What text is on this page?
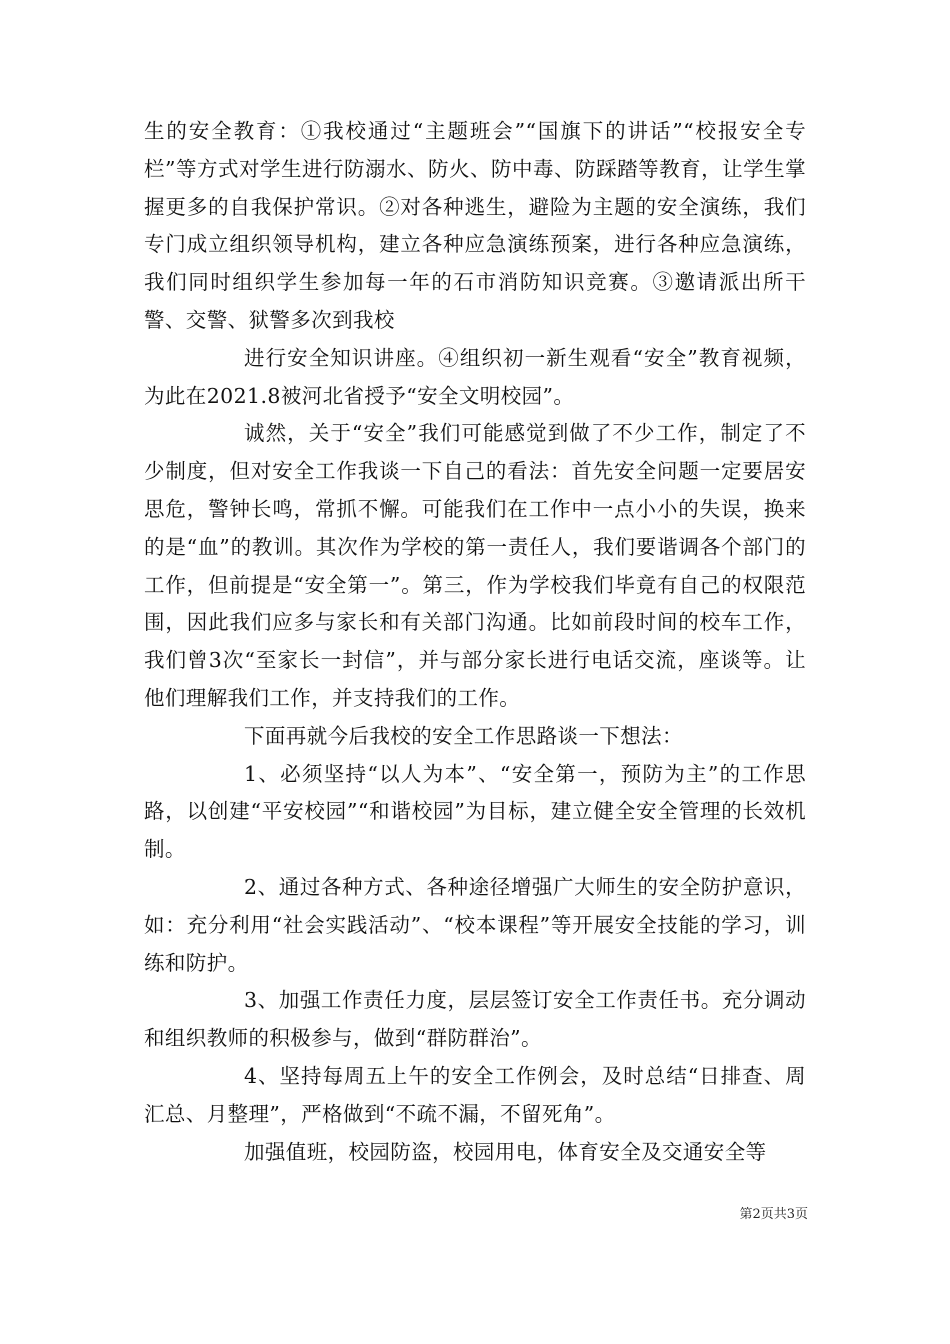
生的安全教育：①我校通过“主题班会”“国旗下的讲话”“校报安全专栏”等方式对学生进行防溺水、防火、防中毒、防踩踏等教育，让学生掌握更多的自我保护常识。②对各种逃生，避险为主题的安全演练，我们专门成立组织领导机构，建立各种应急演练预案，进行各种应急演练，我们同时组织学生参加每一年的石市消防知识竞赛。③邀请派出所干警、交警、狱警多次到我校

进行安全知识讲座。④组织初一新生观看“安全”教育视频，为此在2021.8被河北省授予“安全文明校园”。

诚然，关于“安全”我们可能感觉到做了不少工作，制定了不少制度，但对安全工作我谈一下自己的看法：首先安全问题一定要居安思危，警钟长鸣，常抓不懈。可能我们在工作中一点小小的失误，换来的是“血”的教训。其次作为学校的第一责任人，我们要谐调各个部门的工作，但前提是“安全第一”。第三，作为学校我们毕竟有自己的权限范围，因此我们应多与家长和有关部门沟通。比如前段时间的校车工作，我们曾3次“至家长一封信”，并与部分家长进行电话交流，座谈等。让他们理解我们工作，并支持我们的工作。

下面再就今后我校的安全工作思路谈一下想法：

1、必须坚持“以人为本”、“安全第一，预防为主”的工作思路，以创建“平安校园”“和谐校园”为目标，建立健全安全管理的长效机制。

2、通过各种方式、各种途径增强广大师生的安全防护意识，如：充分利用“社会实践活动”、“校本课程”等开展安全技能的学习，训练和防护。

3、加强工作责任力度，层层签订安全工作责任书。充分调动和组织教师的积极参与，做到“群防群治”。

4、坚持每周五上午的安全工作例会，及时总结“日排查、周汇总、月整理”，严格做到“不疏不漏，不留死角”。

加强值班，校园防盗，校园用电，体育安全及交通安全等

第2页共3页
